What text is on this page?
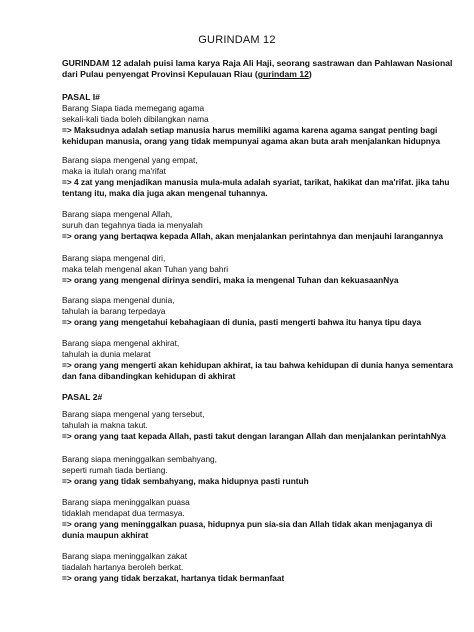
GURINDAM 12
GURINDAM 12 adalah puisi lama karya Raja Ali Haji, seorang sastrawan dan Pahlawan Nasional dari Pulau penyengat Provinsi Kepulauan Riau (gurindam 12)
PASAL I#
Barang Siapa tiada memegang agama
sekali-kali tiada boleh dibilangkan nama
=> Maksudnya adalah setiap manusia harus memiliki agama karena agama sangat penting bagi kehidupan manusia, orang yang tidak mempunyai agama akan buta arah menjalankan hidupnya
Barang siapa mengenal yang empat,
maka ia itulah orang ma'rifat
=> 4 zat yang menjadikan manusia mula-mula adalah syariat, tarikat, hakikat dan ma'rifat. jika tahu tentang itu, maka dia juga akan mengenal tuhannya.
Barang siapa mengenal Allah,
suruh dan tegahnya tiada ia menyalah
=> orang yang bertaqwa kepada Allah, akan menjalankan perintahnya dan menjauhi larangannya
Barang siapa mengenal diri,
maka telah mengenal akan Tuhan yang bahri
=> orang yang mengenal dirinya sendiri, maka ia mengenal Tuhan dan kekuasaanNya
Barang siapa mengenal dunia,
tahulah ia barang terpedaya
=> orang yang mengetahui kebahagiaan di dunia, pasti mengerti bahwa itu hanya tipu daya
Barang siapa mengenal akhirat,
tahulah ia dunia melarat
=> orang yang mengerti akan kehidupan akhirat, ia tau bahwa kehidupan di dunia hanya sementara dan fana dibandingkan kehidupan di akhirat
PASAL 2#
Barang siapa mengenal yang tersebut,
tahulah ia makna takut.
=> orang yang taat kepada Allah, pasti takut dengan larangan Allah dan menjalankan perintahNya
Barang siapa meninggalkan sembahyang,
seperti rumah tiada bertiang.
=> orang yang tidak sembahyang, maka hidupnya pasti runtuh
Barang siapa meninggalkan puasa
tidaklah mendapat dua termasya.
=> orang yang meninggalkan puasa, hidupnya pun sia-sia dan Allah tidak akan menjaganya di dunia maupun akhirat
Barang siapa meninggalkan zakat
tiadalah hartanya beroleh berkat.
=> orang yang tidak berzakat, hartanya tidak bermanfaat
